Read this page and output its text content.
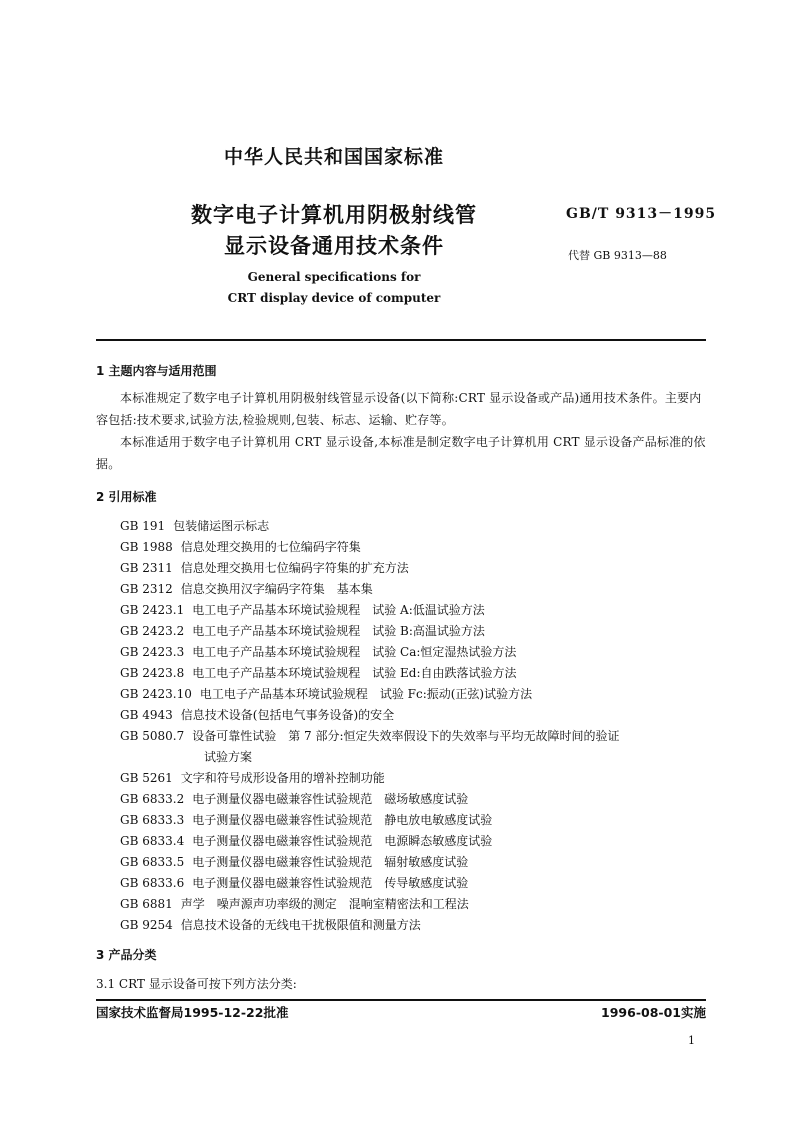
中华人民共和国国家标准
数字电子计算机用阴极射线管
显示设备通用技术条件
GB/T 9313－1995
代替 GB 9313—88
General specifications for
CRT display device of computer
1 主题内容与适用范围
本标准规定了数字电子计算机用阴极射线管显示设备(以下简称:CRT 显示设备或产品)通用技术条件。主要内容包括:技术要求,试验方法,检验规则,包装、标志、运输、贮存等。
本标准适用于数字电子计算机用 CRT 显示设备,本标准是制定数字电子计算机用 CRT 显示设备产品标准的依据。
2 引用标准
GB 191 包装储运图示标志
GB 1988 信息处理交换用的七位编码字符集
GB 2311 信息处理交换用七位编码字符集的扩充方法
GB 2312 信息交换用汉字编码字符集　基本集
GB 2423.1 电工电子产品基本环境试验规程　试验 A:低温试验方法
GB 2423.2 电工电子产品基本环境试验规程　试验 B:高温试验方法
GB 2423.3 电工电子产品基本环境试验规程　试验 Ca:恒定湿热试验方法
GB 2423.8 电工电子产品基本环境试验规程　试验 Ed:自由跌落试验方法
GB 2423.10 电工电子产品基本环境试验规程　试验 Fc:振动(正弦)试验方法
GB 4943 信息技术设备(包括电气事务设备)的安全
GB 5080.7 设备可靠性试验　第 7 部分:恒定失效率假设下的失效率与平均无故障时间的验证
试验方案
GB 5261 文字和符号成形设备用的增补控制功能
GB 6833.2 电子测量仪器电磁兼容性试验规范　磁场敏感度试验
GB 6833.3 电子测量仪器电磁兼容性试验规范　静电放电敏感度试验
GB 6833.4 电子测量仪器电磁兼容性试验规范　电源瞬态敏感度试验
GB 6833.5 电子测量仪器电磁兼容性试验规范　辐射敏感度试验
GB 6833.6 电子测量仪器电磁兼容性试验规范　传导敏感度试验
GB 6881 声学　噪声源声功率级的测定　混响室精密法和工程法
GB 9254 信息技术设备的无线电干扰极限值和测量方法
3 产品分类
3.1 CRT 显示设备可按下列方法分类:
国家技术监督局1995-12-22批准	1996-08-01实施
1
